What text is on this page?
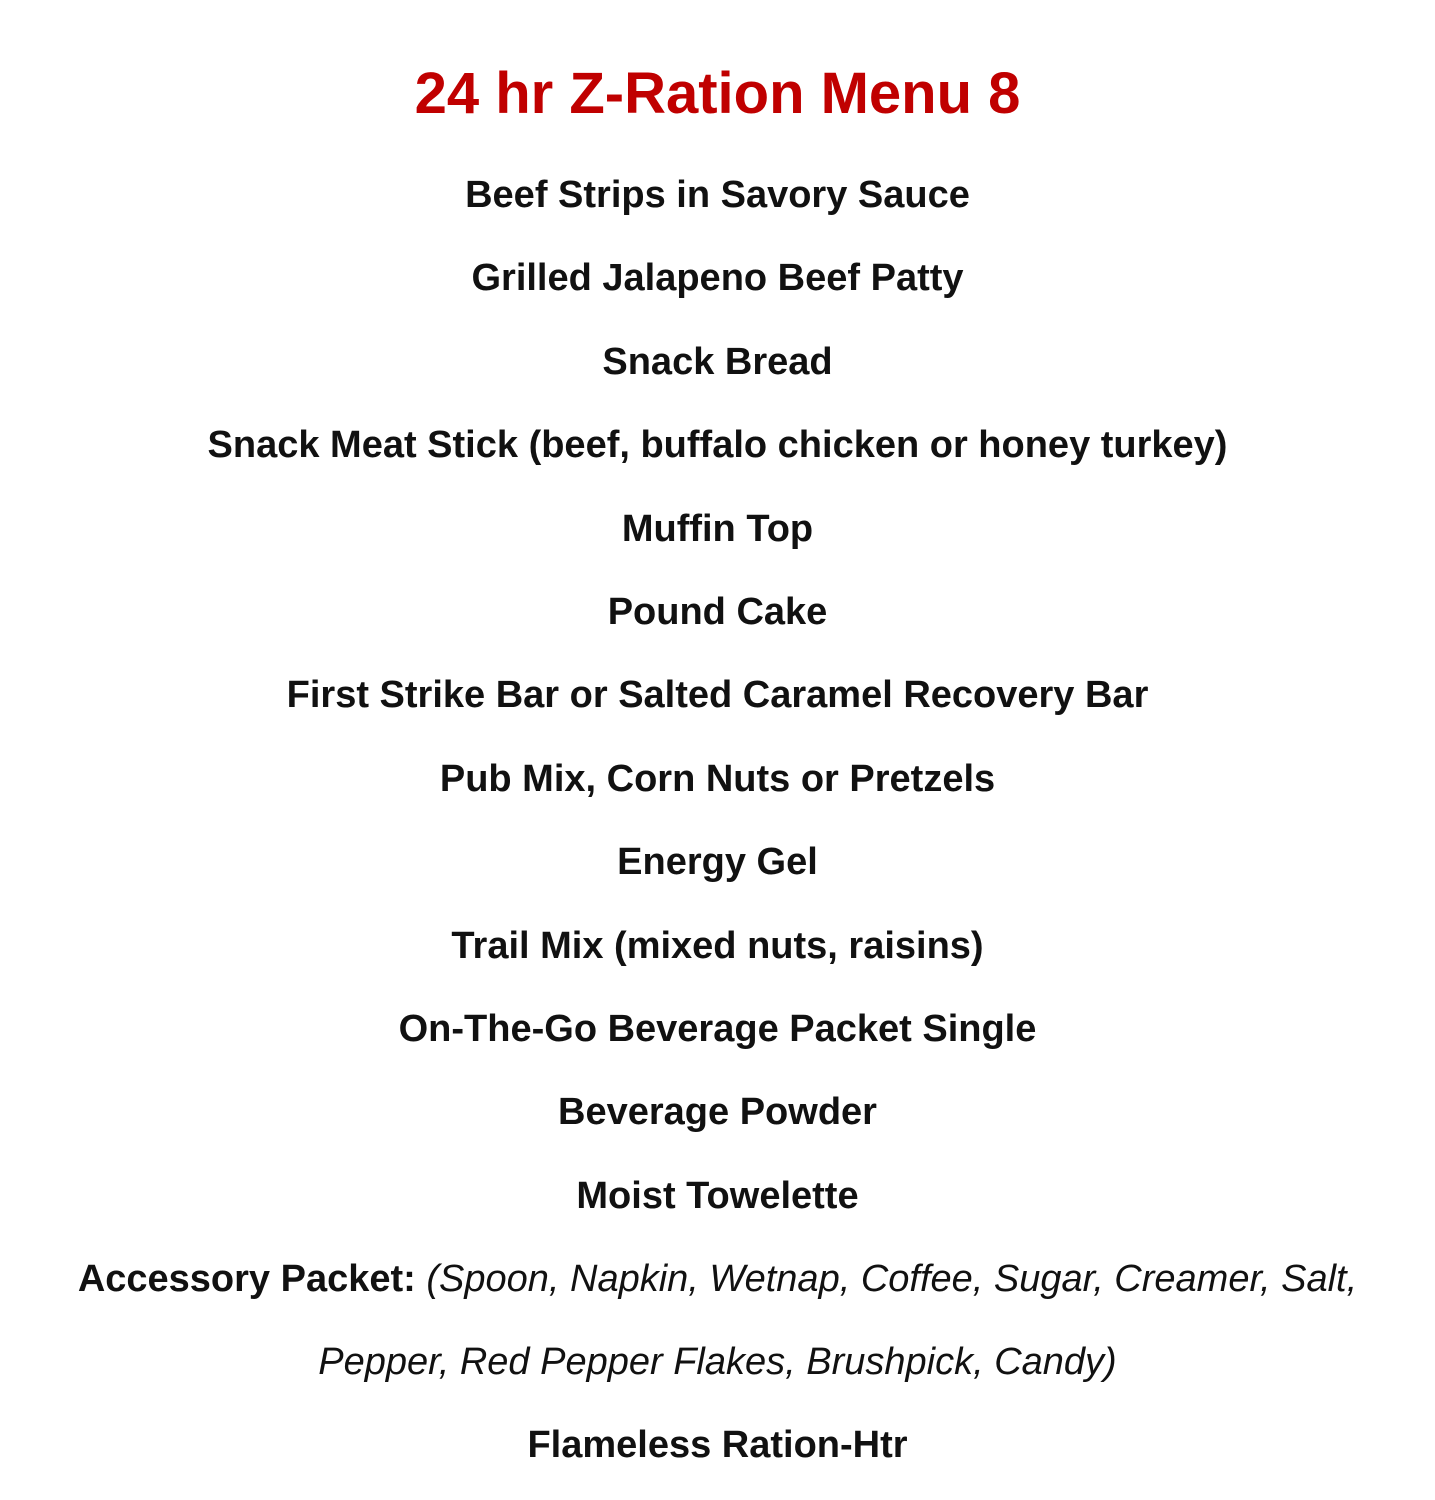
24 hr Z-Ration Menu 8
Beef Strips in Savory Sauce
Grilled Jalapeno Beef Patty
Snack Bread
Snack Meat Stick (beef, buffalo chicken or honey turkey)
Muffin Top
Pound Cake
First Strike Bar or Salted Caramel Recovery Bar
Pub Mix, Corn Nuts or Pretzels
Energy Gel
Trail Mix (mixed nuts, raisins)
On-The-Go Beverage Packet Single
Beverage Powder
Moist Towelette
Accessory Packet: (Spoon, Napkin, Wetnap, Coffee, Sugar, Creamer, Salt,
Pepper, Red Pepper Flakes, Brushpick, Candy)
Flameless Ration-Htr
